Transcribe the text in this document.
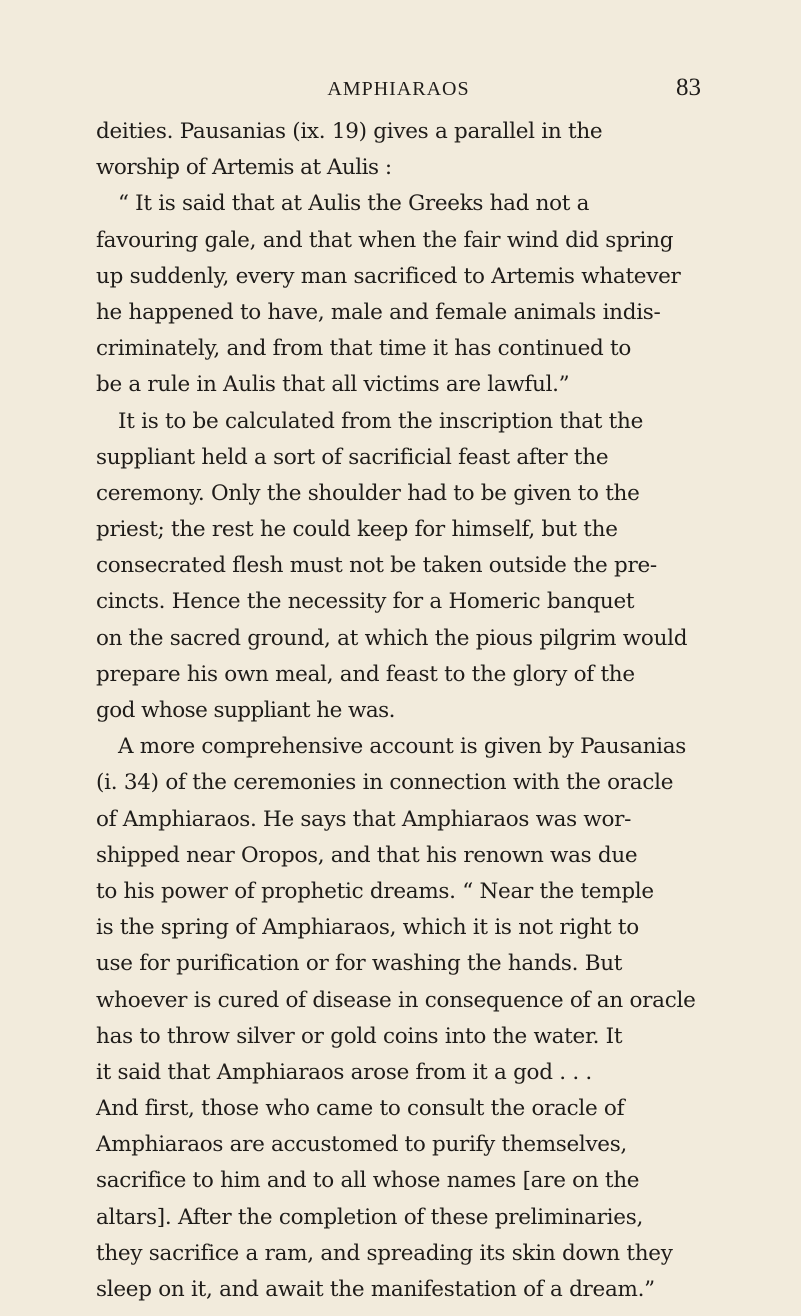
AMPHIARAOS	83
deities. Pausanias (ix. 19) gives a parallel in the
worship of Artemis at Aulis :
“ It is said that at Aulis the Greeks had not a
favouring gale, and that when the fair wind did spring
up suddenly, every man sacrificed to Artemis whatever
he happened to have, male and female animals indis-
criminately, and from that time it has continued to
be a rule in Aulis that all victims are lawful.”
It is to be calculated from the inscription that the
suppliant held a sort of sacrificial feast after the
ceremony. Only the shoulder had to be given to the
priest; the rest he could keep for himself, but the
consecrated flesh must not be taken outside the pre-
cincts. Hence the necessity for a Homeric banquet
on the sacred ground, at which the pious pilgrim would
prepare his own meal, and feast to the glory of the
god whose suppliant he was.
A more comprehensive account is given by Pausanias
(i. 34) of the ceremonies in connection with the oracle
of Amphiaraos. He says that Amphiaraos was wor-
shipped near Oropos, and that his renown was due
to his power of prophetic dreams. “ Near the temple
is the spring of Amphiaraos, which it is not right to
use for purification or for washing the hands. But
whoever is cured of disease in consequence of an oracle
has to throw silver or gold coins into the water. It
it said that Amphiaraos arose from it a god . . .
And first, those who came to consult the oracle of
Amphiaraos are accustomed to purify themselves,
sacrifice to him and to all whose names [are on the
altars]. After the completion of these preliminaries,
they sacrifice a ram, and spreading its skin down they
sleep on it, and await the manifestation of a dream.”
